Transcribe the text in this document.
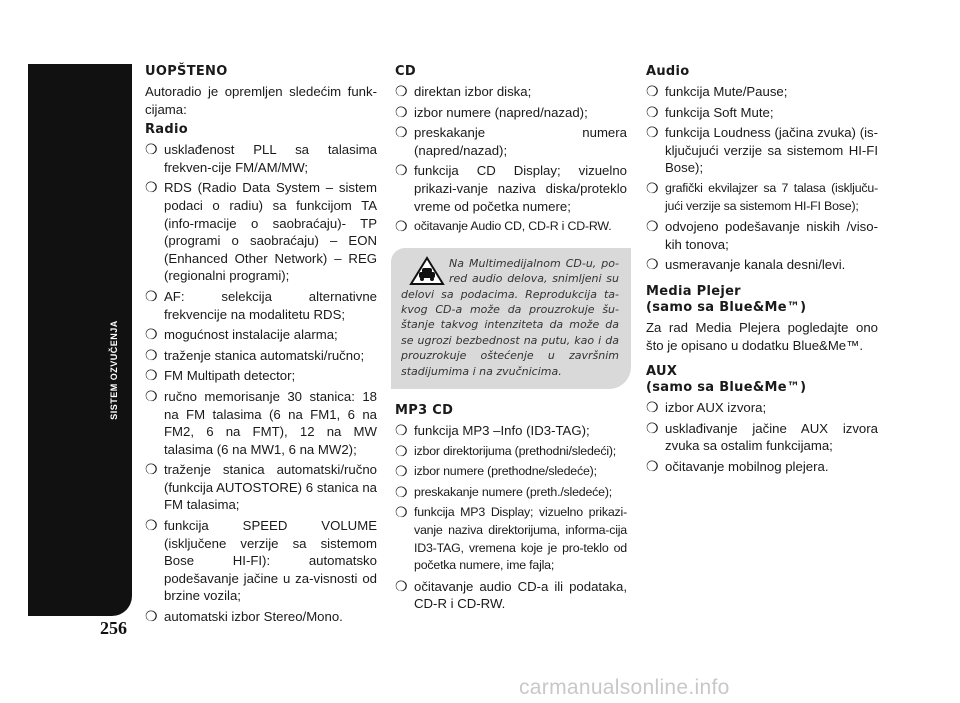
SISTEM OZVUČENJA
256
UOPŠTENO

Autoradio je opremljen sledećim funk-cijama:

Radio
❍ usklađenost PLL sa talasima frekven-cije FM/AM/MW;
❍ RDS (Radio Data System – sistem podaci o radiu) sa funkcijom TA (info-rmacije o saobraćaju)- TP (programi o saobraćaju) – EON (Enhanced Other Network) – REG (regionalni programi);
❍ AF: selekcija alternativne frekvencije na modalitetu RDS;
❍ mogućnost instalacije alarma;
❍ traženje stanica automatski/ručno;
❍ FM Multipath detector;
❍ ručno memorisanje 30 stanica: 18 na FM talasima (6 na FM1, 6 na FM2, 6 na FMT), 12 na MW talasima (6 na MW1, 6 na MW2);
❍ traženje stanica automatski/ručno (funkcija AUTOSTORE) 6 stanica na FM talasima;
❍ funkcija SPEED VOLUME (isključene verzije sa sistemom Bose HI-FI): automatsko podešavanje jačine u za-visnosti od brzine vozila;
❍ automatski izbor Stereo/Mono.
CD
❍ direktan izbor diska;
❍ izbor numere (napred/nazad);
❍ preskakanje numera (napred/nazad);
❍ funkcija CD Display; vizuelno prikazi-vanje naziva diska/proteklo vreme od početka numere;
❍ očitavanje Audio CD, CD-R i CD-RW.
Na Multimedijalnom CD-u, po-red audio delova, snimljeni su delovi sa podacima. Reprodukcija ta-kvog CD-a može da prouzrokuje šu-štanje takvog intenziteta da može da se ugrozi bezbednost na putu, kao i da prouzrokuje oštećenje u završnim stadijumima i na zvučnicima.
MP3 CD
❍ funkcija MP3 –Info (ID3-TAG);
❍ izbor direktorijuma (prethodni/sledeći);
❍ izbor numere (prethodne/sledeće);
❍ preskakanje numere (preth./sledeće);
❍ funkcija MP3 Display; vizuelno prikazi-vanje naziva direktorijuma, informa-cija ID3-TAG, vremena koje je pro-teklo od početka numere, ime fajla;
❍ očitavanje audio CD-a ili podataka, CD-R i CD-RW.
Audio
❍ funkcija Mute/Pause;
❍ funkcija Soft Mute;
❍ funkcija Loudness (jačina zvuka) (is-ključujući verzije sa sistemom HI-FI Bose);
❍ grafički ekvilajzer sa 7 talasa (isključu-jući verzije sa sistemom HI-FI Bose);
❍ odvojeno podešavanje niskih /viso-kih tonova;
❍ usmeravanje kanala desni/levi.
Media Plejer
(samo sa Blue&Me™)

Za rad Media Plejera pogledajte ono što je opisano u dodatku Blue&Me™.

AUX
(samo sa Blue&Me™)
❍ izbor AUX izvora;
❍ usklađivanje jačine AUX izvora zvuka sa ostalim funkcijama;
❍ očitavanje mobilnog plejera.
carmanualsonline.info
